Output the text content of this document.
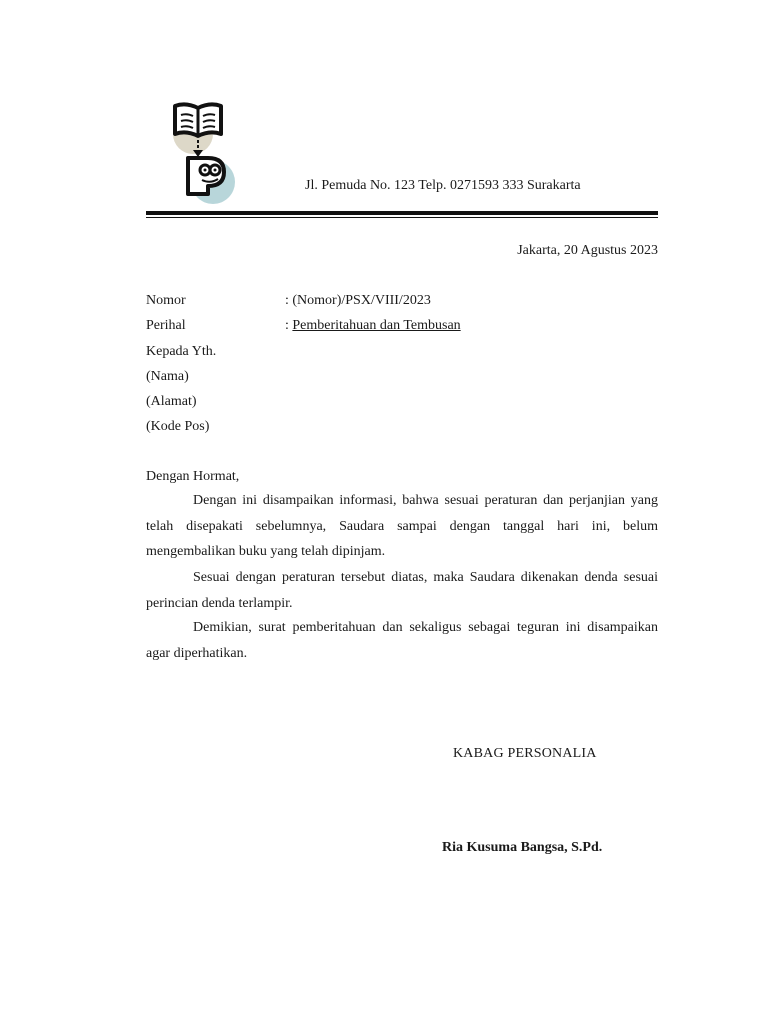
Jl. Pemuda No. 123 Telp. 0271593 333 Surakarta
Jakarta, 20 Agustus 2023
Nomor	: (Nomor)/PSX/VIII/2023
Perihal	: Pemberitahuan dan Tembusan
Kepada Yth.
(Nama)
(Alamat)
(Kode Pos)
Dengan Hormat,

Dengan ini disampaikan informasi, bahwa sesuai peraturan dan perjanjian yang telah disepakati sebelumnya, Saudara sampai dengan tanggal hari ini, belum mengembalikan buku yang telah dipinjam.

Sesuai dengan peraturan tersebut diatas, maka Saudara dikenakan denda sesuai perincian denda terlampir.

Demikian, surat pemberitahuan dan sekaligus sebagai teguran ini disampaikan agar diperhatikan.

KABAG PERSONALIA
Ria Kusuma Bangsa, S.Pd.
